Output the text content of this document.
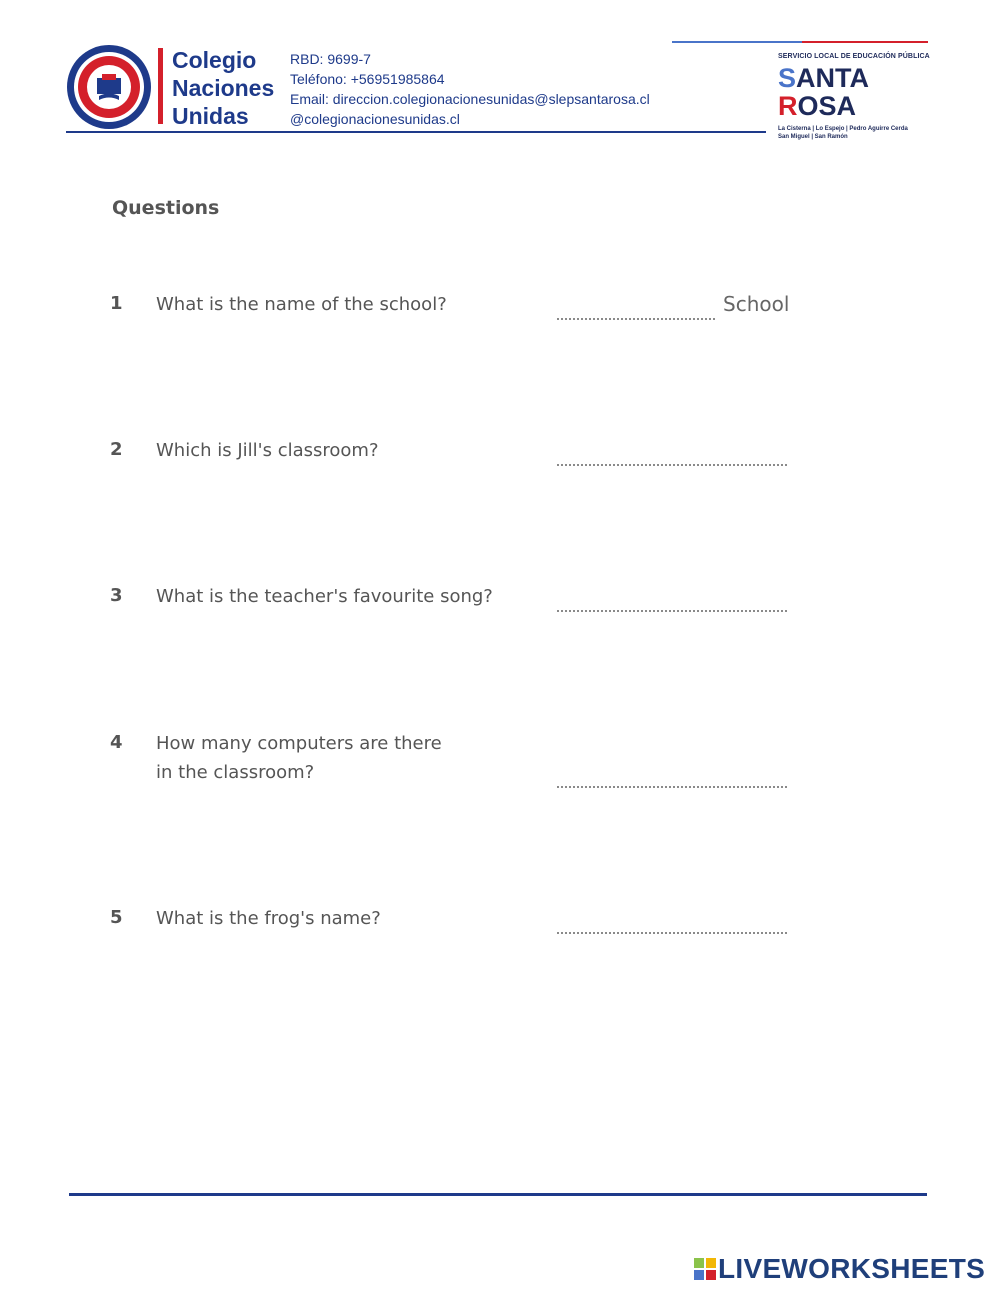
Colegio
Naciones
Unidas
RBD: 9699-7
Teléfono: +56951985864
Email: direccion.colegionacionesunidas@slepsantarosa.cl
@colegionacionesunidas.cl
SERVICIO LOCAL DE EDUCACIÓN PÚBLICA
SANTA
ROSA
La Cisterna | Lo Espejo | Pedro Aguirre Cerda
San Miguel | San Ramón
Questions
1 What is the name of the school?	School
2 Which is Jill's classroom?
3 What is the teacher's favourite song?
4 How many computers are there
in the classroom?
5 What is the frog's name?
LIVEWORKSHEETS
